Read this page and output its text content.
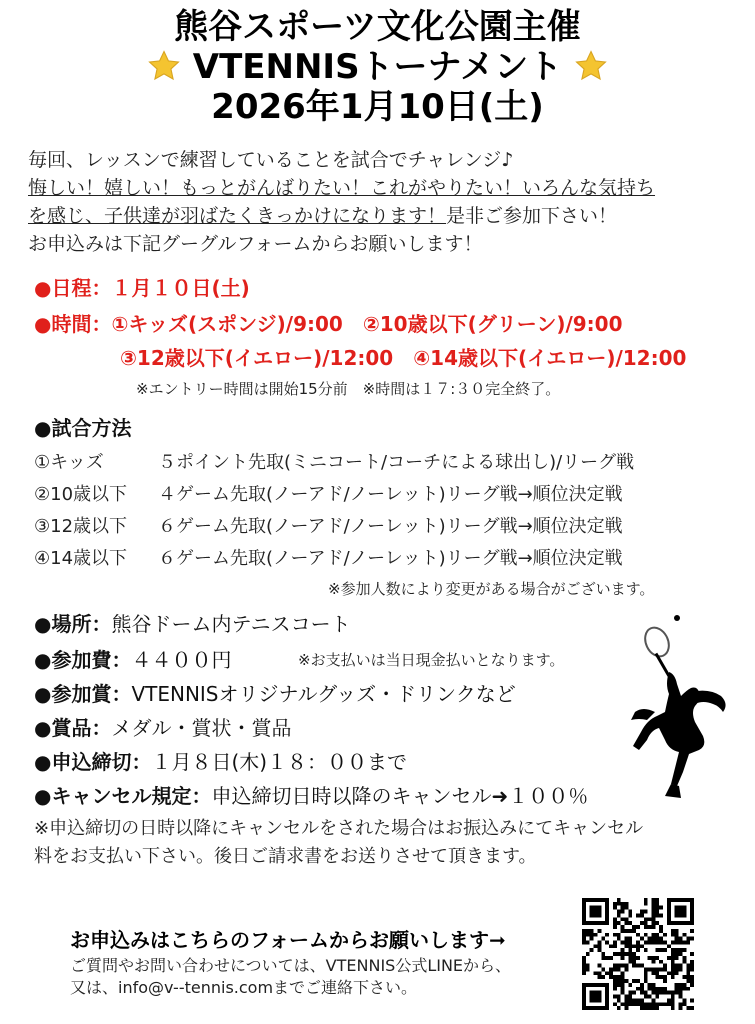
熊谷スポーツ文化公園主催
VTENNISトーナメント
2026年1月10日(土)
毎回、レッスンで練習していることを試合でチャレンジ♪
悔しい！嬉しい！もっとがんばりたい！これがやりたい！いろんな気持ち
を感じ、子供達が羽ばたくきっかけになります！是非ご参加下さい！
お申込みは下記グーグルフォームからお願いします！
●日程：１月１０日(土)
●時間：①キッズ(スポンジ)/9:00　②10歳以下(グリーン)/9:00
③12歳以下(イエロー)/12:00　④14歳以下(イエロー)/12:00
※エントリー時間は開始15分前　※時間は１７:３０完全終了。
●試合方法
①キッズ	５ポイント先取(ミニコート/コーチによる球出し)/リーグ戦
②10歳以下 ４ゲーム先取(ノーアド/ノーレット)リーグ戦→順位決定戦
③12歳以下 ６ゲーム先取(ノーアド/ノーレット)リーグ戦→順位決定戦
④14歳以下 ６ゲーム先取(ノーアド/ノーレット)リーグ戦→順位決定戦
※参加人数により変更がある場合がございます。
●場所：熊谷ドーム内テニスコート
●参加費：４４００円	※お支払いは当日現金払いとなります。
●参加賞：VTENNISオリジナルグッズ・ドリンクなど
●賞品：メダル・賞状・賞品
●申込締切：１月８日(木)１８：００まで
●キャンセル規定：申込締切日時以降のキャンセル➜１００％
※申込締切の日時以降にキャンセルをされた場合はお振込みにてキャンセル
料をお支払い下さい。後日ご請求書をお送りさせて頂きます。
お申込みはこちらのフォームからお願いします➞
ご質問やお問い合わせについては、VTENNIS公式LINEから、
又は、info@v--tennis.comまでご連絡下さい。
